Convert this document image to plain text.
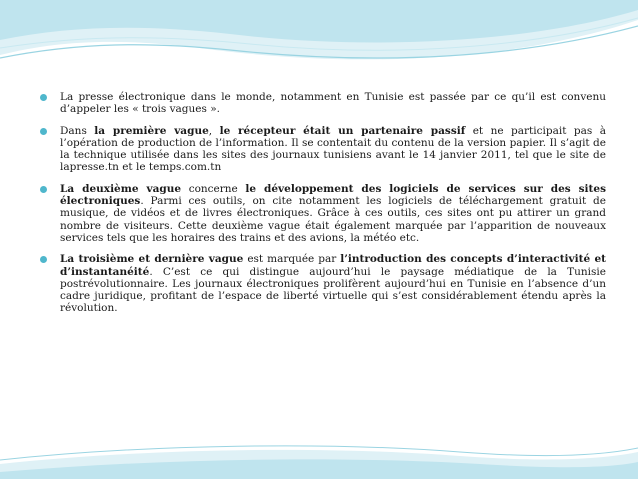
La presse électronique dans le monde, notamment en Tunisie est passée par ce qu’il est convenu d’appeler les « trois vagues ».
Dans la première vague, le récepteur était un partenaire passif et ne participait pas à l’opération de production de l’information. Il se contentait du contenu de la version papier. Il s’agit de la technique utilisée dans les sites des journaux tunisiens avant le 14 janvier 2011, tel que le site de lapresse.tn et le temps.com.tn
La deuxième vague concerne le développement des logiciels de services sur des sites électroniques. Parmi ces outils, on cite notamment les logiciels de téléchargement gratuit de musique, de vidéos et de livres électroniques. Grâce à ces outils, ces sites ont pu attirer un grand nombre de visiteurs. Cette deuxième vague était également marquée par l’apparition de nouveaux services tels que les horaires des trains et des avions, la météo etc.
La troisième et dernière vague est marquée par l’introduction des concepts d’interactivité et d’instantanéité. C’est ce qui distingue aujourd’hui le paysage médiatique de la Tunisie postrévolutionnaire. Les journaux électroniques prolifèrent aujourd’hui en Tunisie en l’absence d’un cadre juridique, profitant de l’espace de liberté virtuelle qui s’est considérablement étendu après la révolution.
